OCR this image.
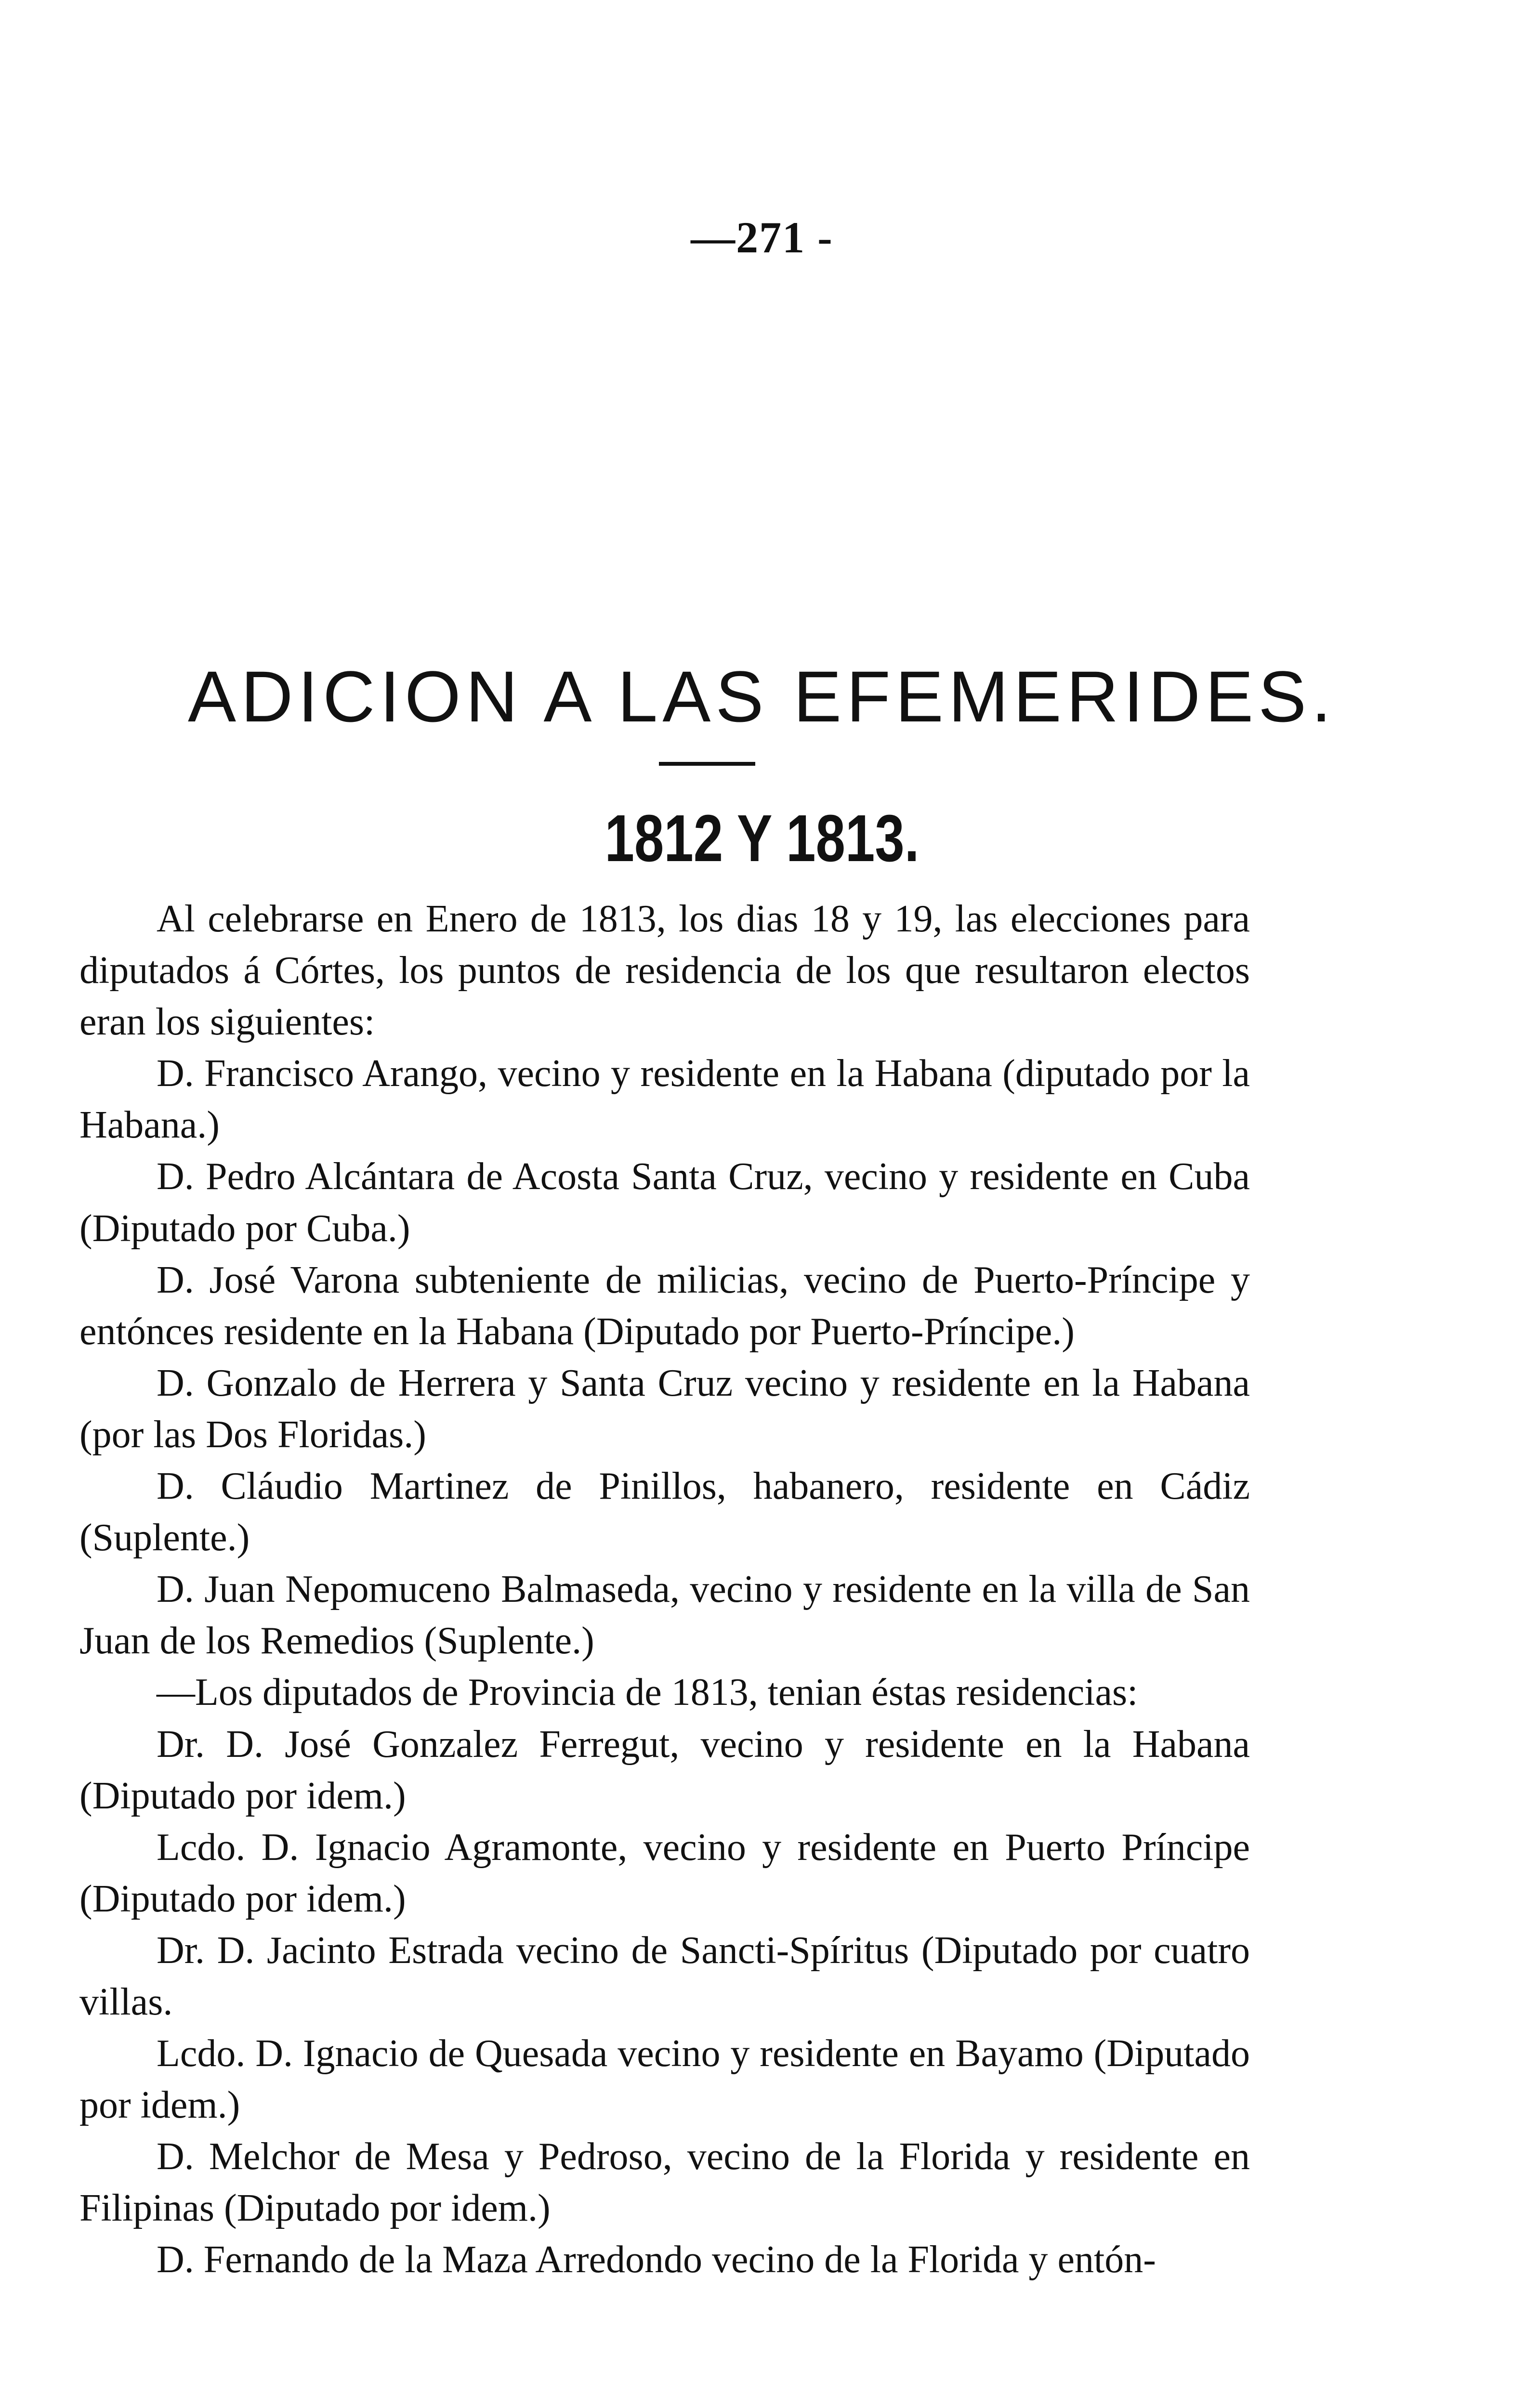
—271 -
ADICION A LAS EFEMERIDES.
1812 Y 1813.

Al celebrarse en Enero de 1813, los dias 18 y 19, las elecciones para diputados á Córtes, los puntos de residencia de los que resultaron electos eran los siguientes:

D. Francisco Arango, vecino y residente en la Habana (diputado por la Habana.)

D. Pedro Alcántara de Acosta Santa Cruz, vecino y residente en Cuba (Diputado por Cuba.)

D. José Varona subteniente de milicias, vecino de Puerto-Príncipe y entónces residente en la Habana (Diputado por Puerto-Príncipe.)

D. Gonzalo de Herrera y Santa Cruz vecino y residente en la Habana (por las Dos Floridas.)

D. Cláudio Martinez de Pinillos, habanero, residente en Cádiz (Suplente.)

D. Juan Nepomuceno Balmaseda, vecino y residente en la villa de San Juan de los Remedios (Suplente.)

—Los diputados de Provincia de 1813, tenian éstas residencias:

Dr. D. José Gonzalez Ferregut, vecino y residente en la Habana (Diputado por idem.)

Lcdo. D. Ignacio Agramonte, vecino y residente en Puerto Príncipe (Diputado por idem.)

Dr. D. Jacinto Estrada vecino de Sancti-Spíritus (Diputado por cuatro villas.

Lcdo. D. Ignacio de Quesada vecino y residente en Bayamo (Diputado por idem.)

D. Melchor de Mesa y Pedroso, vecino de la Florida y residente en Filipinas (Diputado por idem.)

D. Fernando de la Maza Arredondo vecino de la Florida y entón-
